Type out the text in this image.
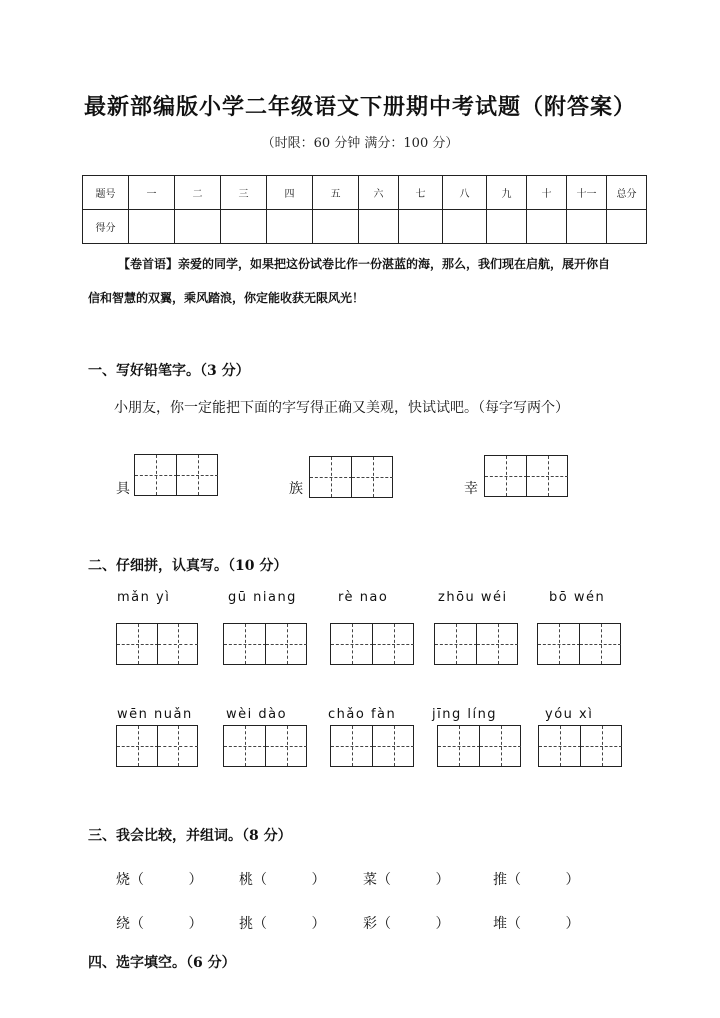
最新部编版小学二年级语文下册期中考试题（附答案）
（时限：60 分钟 满分：100 分）
题号	一	二	三	四	五	六	七	八	九	十	十一	总分
得分												
【卷首语】亲爱的同学，如果把这份试卷比作一份湛蓝的海，那么，我们现在启航，展开你自
信和智慧的双翼，乘风踏浪，你定能收获无限风光！
一、写好铅笔字。（3 分）
小朋友，你一定能把下面的字写得正确又美观，快试试吧。（每字写两个）
具	族	幸
二、仔细拼，认真写。（10 分）
mǎn yì	gū niang	rè nao	zhōu wéi	bō wén
wēn nuǎn	wèi dào	chǎo fàn	jīng líng	yóu xì
三、我会比较，并组词。（8 分）
烧（          ）	桃（          ）	菜（          ）	推（          ）
绕（          ）	挑（          ）	彩（          ）	堆（          ）
四、选字填空。（6 分）
